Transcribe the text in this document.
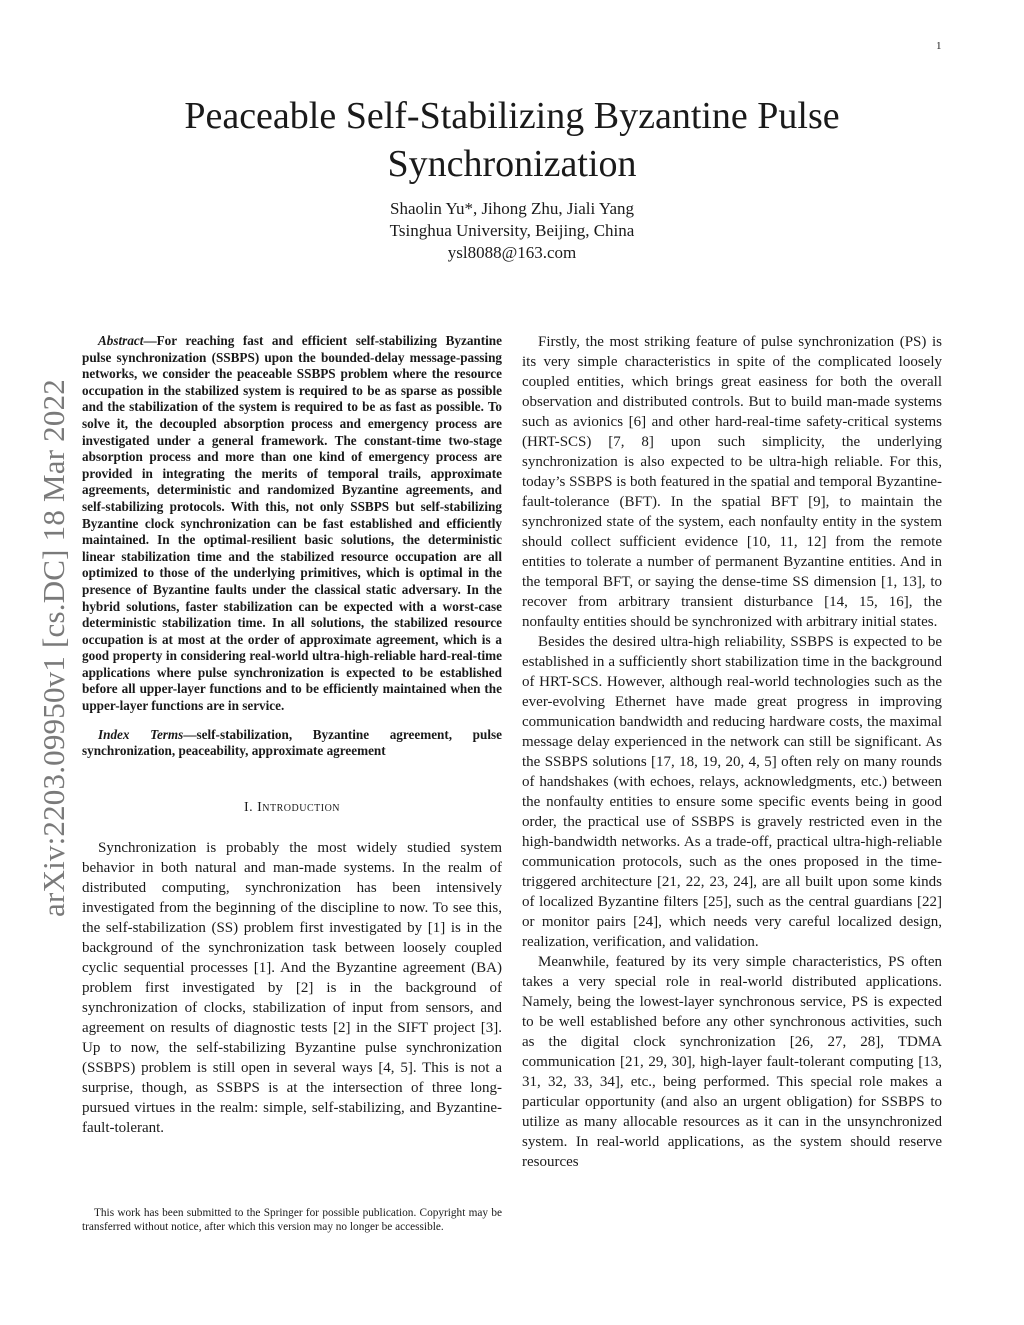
1
Peaceable Self-Stabilizing Byzantine Pulse Synchronization
Shaolin Yu*, Jihong Zhu, Jiali Yang
Tsinghua University, Beijing, China
ysl8088@163.com
arXiv:2203.09950v1 [cs.DC] 18 Mar 2022

Abstract—For reaching fast and efficient self-stabilizing Byzantine pulse synchronization (SSBPS) upon the bounded-delay message-passing networks, we consider the peaceable SSBPS problem where the resource occupation in the stabilized system is required to be as sparse as possible and the stabilization of the system is required to be as fast as possible. To solve it, the decoupled absorption process and emergency process are investigated under a general framework. The constant-time two-stage absorption process and more than one kind of emergency process are provided in integrating the merits of temporal trails, approximate agreements, deterministic and randomized Byzantine agreements, and self-stabilizing protocols. With this, not only SSBPS but self-stabilizing Byzantine clock synchronization can be fast established and efficiently maintained. In the optimal-resilient basic solutions, the deterministic linear stabilization time and the stabilized resource occupation are all optimized to those of the underlying primitives, which is optimal in the presence of Byzantine faults under the classical static adversary. In the hybrid solutions, faster stabilization can be expected with a worst-case deterministic stabilization time. In all solutions, the stabilized resource occupation is at most at the order of approximate agreement, which is a good property in considering real-world ultra-high-reliable hard-real-time applications where pulse synchronization is expected to be established before all upper-layer functions and to be efficiently maintained when the upper-layer functions are in service.

Index Terms—self-stabilization, Byzantine agreement, pulse synchronization, peaceability, approximate agreement

I. Introduction

Synchronization is probably the most widely studied system behavior in both natural and man-made systems. In the realm of distributed computing, synchronization has been intensively investigated from the beginning of the discipline to now. To see this, the self-stabilization (SS) problem first investigated by [1] is in the background of the synchronization task between loosely coupled cyclic sequential processes [1]. And the Byzantine agreement (BA) problem first investigated by [2] is in the background of synchronization of clocks, stabilization of input from sensors, and agreement on results of diagnostic tests [2] in the SIFT project [3]. Up to now, the self-stabilizing Byzantine pulse synchronization (SSBPS) problem is still open in several ways [4, 5]. This is not a surprise, though, as SSBPS is at the intersection of three long-pursued virtues in the realm: simple, self-stabilizing, and Byzantine-fault-tolerant.

This work has been submitted to the Springer for possible publication. Copyright may be transferred without notice, after which this version may no longer be accessible.

Firstly, the most striking feature of pulse synchronization (PS) is its very simple characteristics in spite of the complicated loosely coupled entities, which brings great easiness for both the overall observation and distributed controls. But to build man-made systems such as avionics [6] and other hard-real-time safety-critical systems (HRT-SCS) [7, 8] upon such simplicity, the underlying synchronization is also expected to be ultra-high reliable. For this, today’s SSBPS is both featured in the spatial and temporal Byzantine-fault-tolerance (BFT). In the spatial BFT [9], to maintain the synchronized state of the system, each nonfaulty entity in the system should collect sufficient evidence [10, 11, 12] from the remote entities to tolerate a number of permanent Byzantine entities. And in the temporal BFT, or saying the dense-time SS dimension [1, 13], to recover from arbitrary transient disturbance [14, 15, 16], the nonfaulty entities should be synchronized with arbitrary initial states.

Besides the desired ultra-high reliability, SSBPS is expected to be established in a sufficiently short stabilization time in the background of HRT-SCS. However, although real-world technologies such as the ever-evolving Ethernet have made great progress in improving communication bandwidth and reducing hardware costs, the maximal message delay experienced in the network can still be significant. As the SSBPS solutions [17, 18, 19, 20, 4, 5] often rely on many rounds of handshakes (with echoes, relays, acknowledgments, etc.) between the nonfaulty entities to ensure some specific events being in good order, the practical use of SSBPS is gravely restricted even in the high-bandwidth networks. As a trade-off, practical ultra-high-reliable communication protocols, such as the ones proposed in the time-triggered architecture [21, 22, 23, 24], are all built upon some kinds of localized Byzantine filters [25], such as the central guardians [22] or monitor pairs [24], which needs very careful localized design, realization, verification, and validation.

Meanwhile, featured by its very simple characteristics, PS often takes a very special role in real-world distributed applications. Namely, being the lowest-layer synchronous service, PS is expected to be well established before any other synchronous activities, such as the digital clock synchronization [26, 27, 28], TDMA communication [21, 29, 30], high-layer fault-tolerant computing [13, 31, 32, 33, 34], etc., being performed. This special role makes a particular opportunity (and also an urgent obligation) for SSBPS to utilize as many allocable resources as it can in the unsynchronized system. In real-world applications, as the system should reserve resources
